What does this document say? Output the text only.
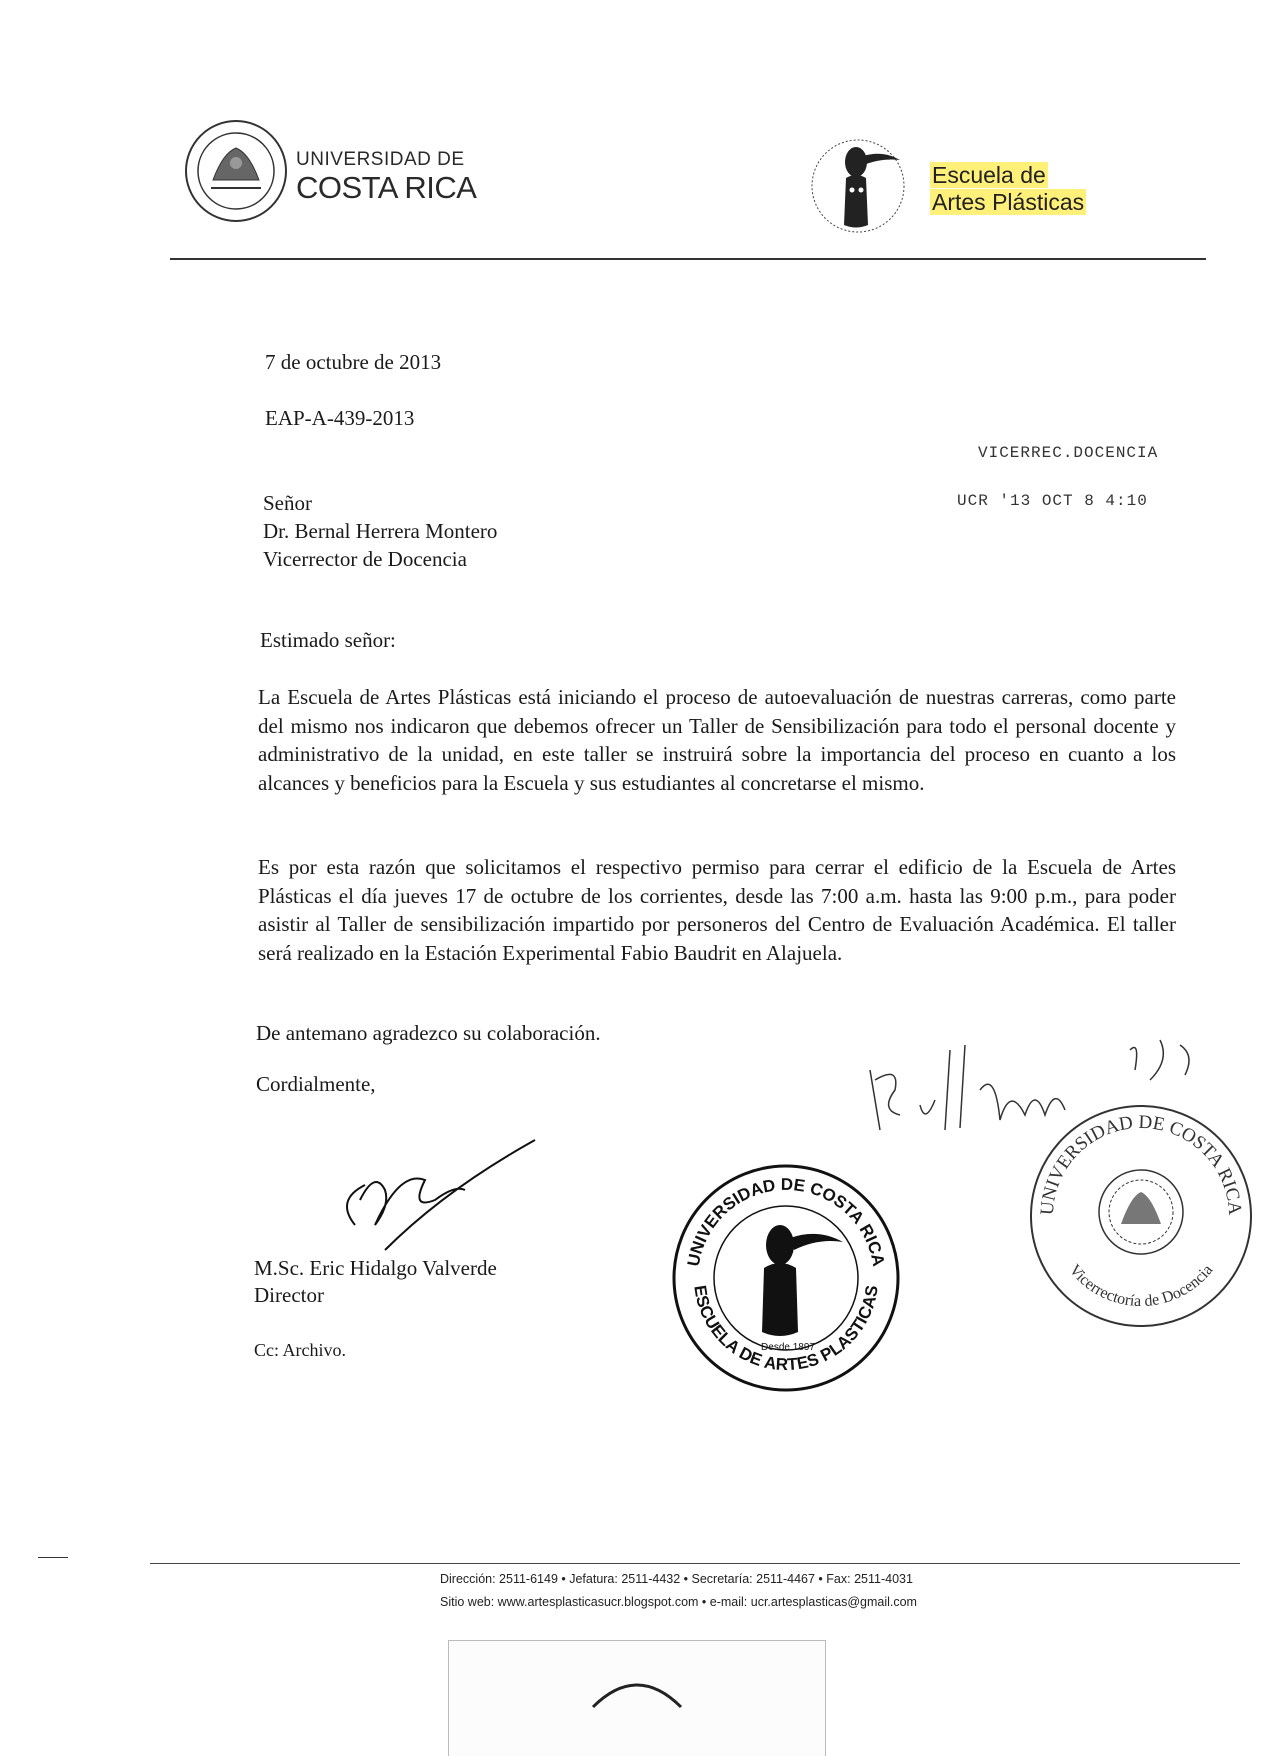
UNIVERSIDAD DE
COSTA RICA	Escuela de
Artes Plásticas
7 de octubre de 2013
EAP-A-439-2013
VICERREC.DOCENCIA
UCR '13 OCT 8 4:10
Señor
Dr. Bernal Herrera Montero
Vicerrector de Docencia
Estimado señor:
La Escuela de Artes Plásticas está iniciando el proceso de autoevaluación de nuestras carreras, como parte del mismo nos indicaron que debemos ofrecer un Taller de Sensibilización para todo el personal docente y administrativo de la unidad, en este taller se instruirá sobre la importancia del proceso en cuanto a los alcances y beneficios para la Escuela y sus estudiantes al concretarse el mismo.
Es por esta razón que solicitamos el respectivo permiso para cerrar el edificio de la Escuela de Artes Plásticas el día jueves 17 de octubre de los corrientes, desde las 7:00 a.m. hasta las 9:00 p.m., para poder asistir al Taller de sensibilización impartido por personeros del Centro de Evaluación Académica. El taller será realizado en la Estación Experimental Fabio Baudrit en Alajuela.
De antemano agradezco su colaboración.
Cordialmente,
M.Sc. Eric Hidalgo Valverde
Director
Cc: Archivo.
UNIVERSIDAD DE COSTA RICA
ESCUELA DE ARTES PLASTICAS
Desde 1897
UNIVERSIDAD DE COSTA RICA
Vicerrectoría de Docencia
Dirección: 2511-6149 • Jefatura: 2511-4432 • Secretaría: 2511-4467 • Fax: 2511-4031
Sitio web: www.artesplasticasucr.blogspot.com • e-mail: ucr.artesplasticas@gmail.com
